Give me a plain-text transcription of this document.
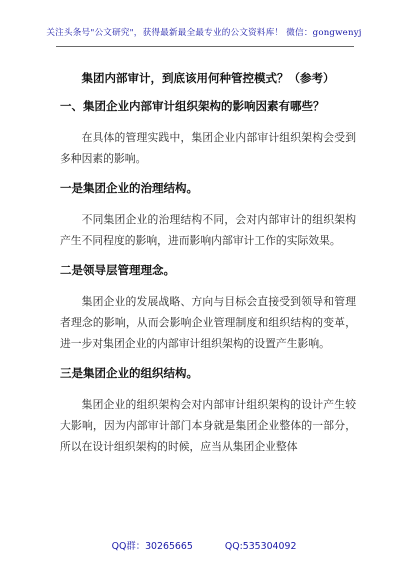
关注头条号"公文研究"，获得最新最全最专业的公文资料库！ 微信：gongwenyj
集团内部审计，到底该用何种管控模式？（参考）
一、集团企业内部审计组织架构的影响因素有哪些？
在具体的管理实践中，集团企业内部审计组织架构会受到多种因素的影响。
一是集团企业的治理结构。
不同集团企业的治理结构不同，会对内部审计的组织架构产生不同程度的影响，进而影响内部审计工作的实际效果。
二是领导层管理理念。
集团企业的发展战略、方向与目标会直接受到领导和管理者理念的影响，从而会影响企业管理制度和组织结构的变革，进一步对集团企业的内部审计组织架构的设置产生影响。
三是集团企业的组织结构。
集团企业的组织架构会对内部审计组织架构的设计产生较大影响，因为内部审计部门本身就是集团企业整体的一部分，所以在设计组织架构的时候，应当从集团企业整体
QQ群：30265665	QQ:535304092
